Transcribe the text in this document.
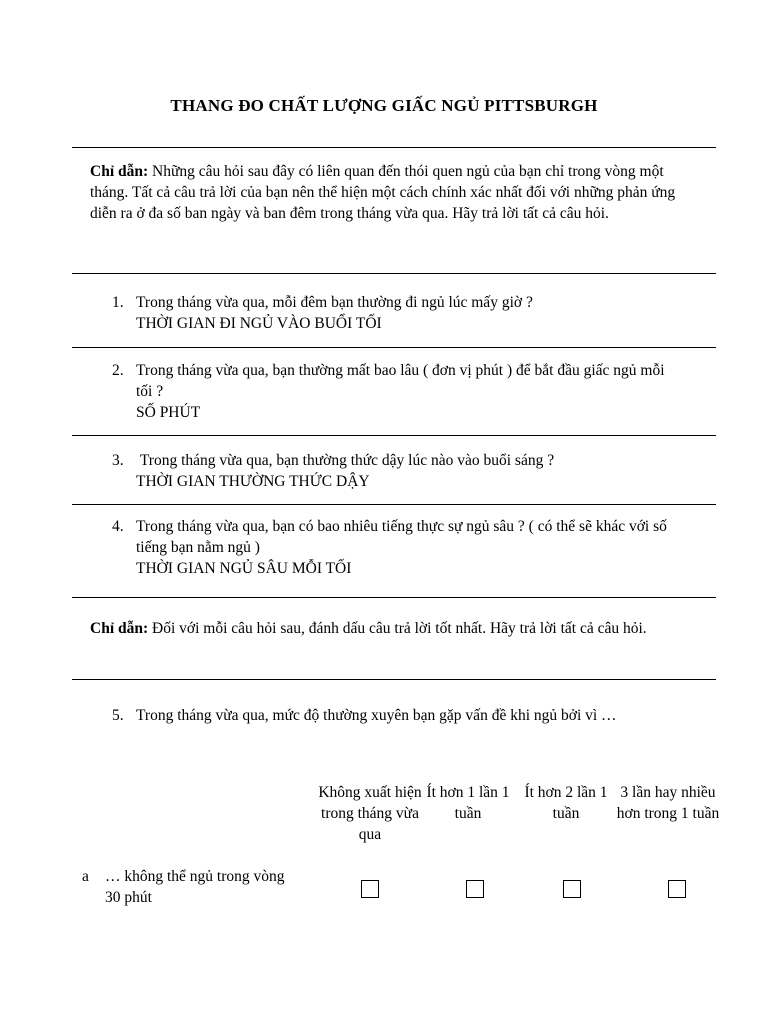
THANG ĐO CHẤT LƯỢNG GIẤC NGỦ PITTSBURGH
Chỉ dẫn: Những câu hỏi sau đây có liên quan đến thói quen ngủ của bạn chỉ trong vòng một tháng. Tất cả câu trả lời của bạn nên thể hiện một cách chính xác nhất đối với những phản ứng diễn ra ở đa số ban ngày và ban đêm trong tháng vừa qua. Hãy trả lời tất cả câu hỏi.
1. Trong tháng vừa qua, mỗi đêm bạn thường đi ngủ lúc mấy giờ ?
THỜI GIAN ĐI NGỦ VÀO BUỔI TỐI
2. Trong tháng vừa qua, bạn thường mất bao lâu ( đơn vị phút ) để bắt đầu giấc ngủ mỗi tối ?
SỐ PHÚT
3. Trong tháng vừa qua, bạn thường thức dậy lúc nào vào buổi sáng ?
THỜI GIAN THƯỜNG THỨC DẬY
4. Trong tháng vừa qua, bạn có bao nhiêu tiếng thực sự ngủ sâu ? ( có thể sẽ khác với số tiếng bạn nằm ngủ )
THỜI GIAN NGỦ SÂU MỖI TỐI
Chỉ dẫn: Đối với mỗi câu hỏi sau, đánh dấu câu trả lời tốt nhất. Hãy trả lời tất cả câu hỏi.
5. Trong tháng vừa qua, mức độ thường xuyên bạn gặp vấn đề khi ngủ bởi vì …
Không xuất hiện trong tháng vừa qua
Ít hơn 1 lần 1 tuần
Ít hơn 2 lần 1 tuần
3 lần hay nhiều hơn trong 1 tuần
a … không thể ngủ trong vòng 30 phút
